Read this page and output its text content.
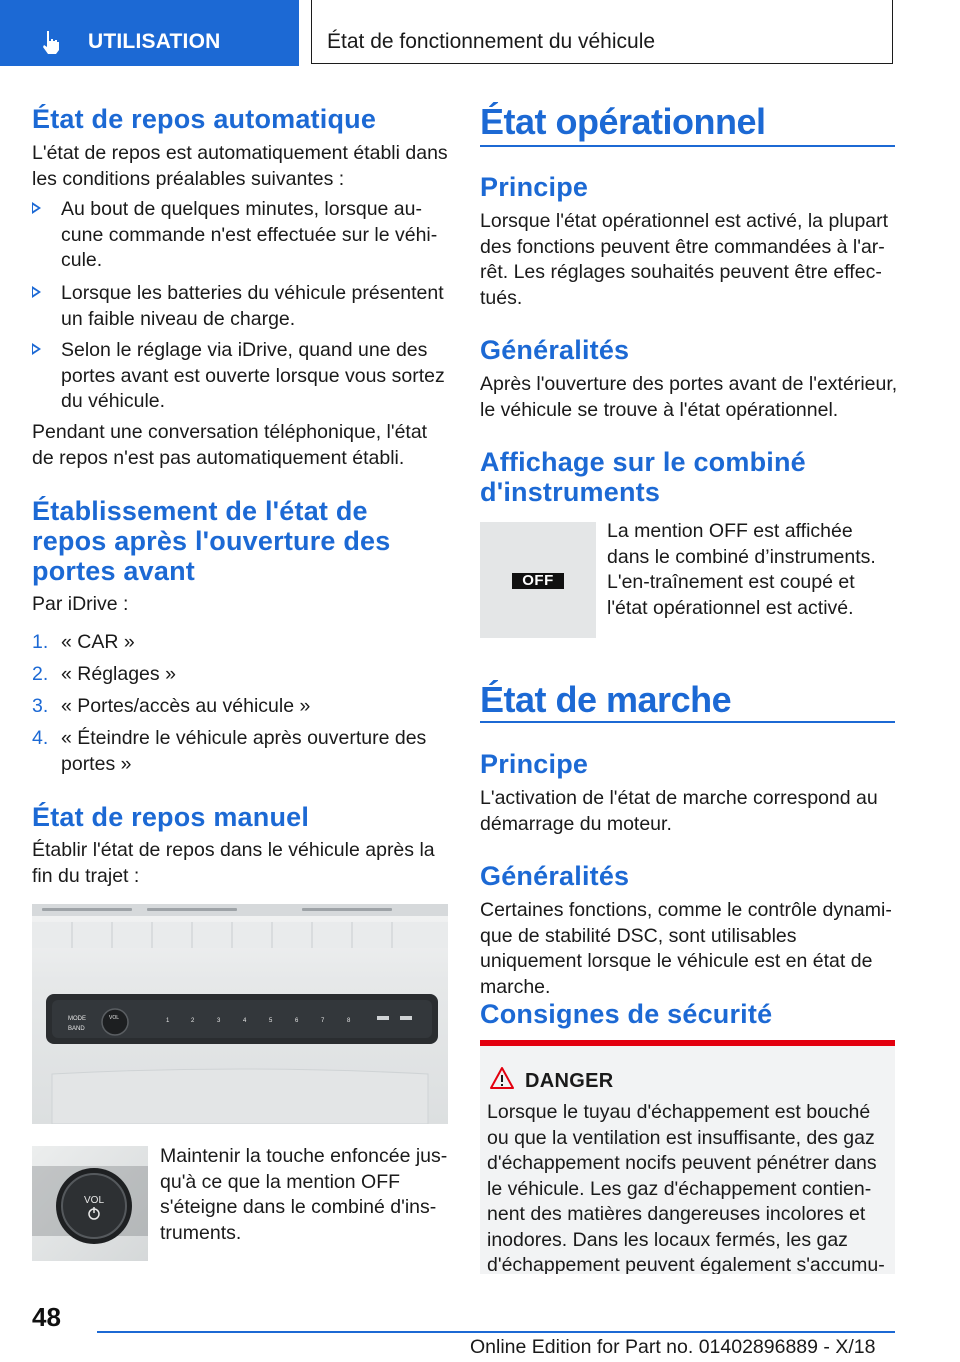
UTILISATION	État de fonctionnement du véhicule
État de repos automatique
L'état de repos est automatiquement établi dans les conditions préalables suivantes :
Au bout de quelques minutes, lorsque au-cune commande n'est effectuée sur le véhi-cule.
Lorsque les batteries du véhicule présentent un faible niveau de charge.
Selon le réglage via iDrive, quand une des portes avant est ouverte lorsque vous sortez du véhicule.
Pendant une conversation téléphonique, l'état de repos n'est pas automatiquement établi.
Établissement de l'état de repos après l'ouverture des portes avant
Par iDrive :
1. « CAR »
2. « Réglages »
3. « Portes/accès au véhicule »
4. « Éteindre le véhicule après ouverture des portes »
État de repos manuel
Établir l'état de repos dans le véhicule après la fin du trajet :
MODE
BAND
VOL	1	2	3	4	5	6	7	8
VOL
Maintenir la touche enfoncée jus-qu'à ce que la mention OFF s'éteigne dans le combiné d'ins-truments.
État opérationnel
Principe
Lorsque l'état opérationnel est activé, la plupart des fonctions peuvent être commandées à l'ar-rêt. Les réglages souhaités peuvent être effec-tués.
Généralités
Après l'ouverture des portes avant de l'extérieur, le véhicule se trouve à l'état opérationnel.
Affichage sur le combiné d'instruments
OFF
La mention OFF est affichée dans le combiné d’instruments. L'en-traînement est coupé et l'état opérationnel est activé.
État de marche
Principe
L'activation de l'état de marche correspond au démarrage du moteur.
Généralités
Certaines fonctions, comme le contrôle dynami-que de stabilité DSC, sont utilisables uniquement lorsque le véhicule est en état de marche.
Consignes de sécurité
DANGER
Lorsque le tuyau d'échappement est bouché ou que la ventilation est insuffisante, des gaz d'échappement nocifs peuvent pénétrer dans le véhicule. Les gaz d'échappement contien-nent des matières dangereuses incolores et inodores. Dans les locaux fermés, les gaz d'échappement peuvent également s'accumu-
48
Online Edition for Part no. 01402896889 - X/18
